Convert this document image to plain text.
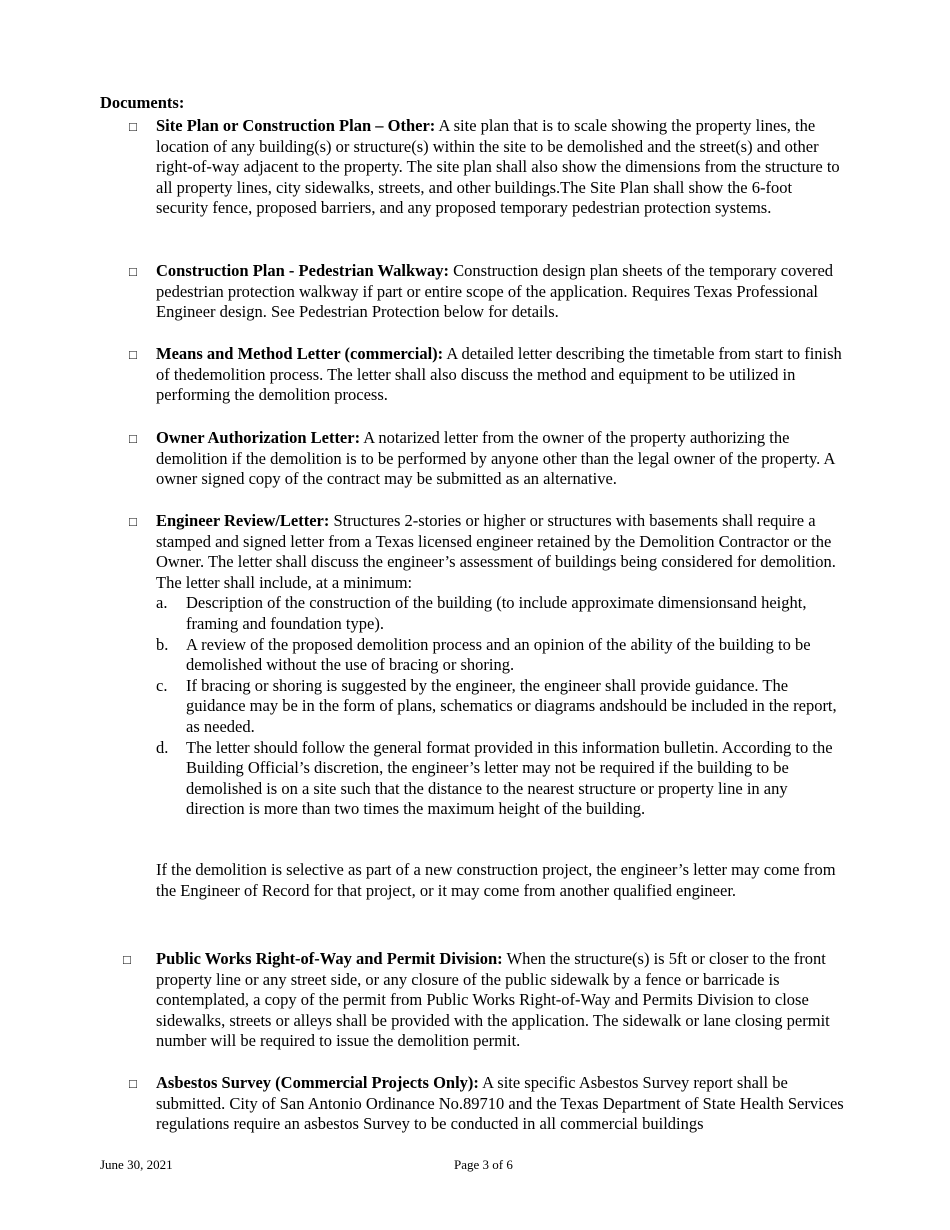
Documents:
□ Site Plan or Construction Plan – Other: A site plan that is to scale showing the property lines, the location of any building(s) or structure(s) within the site to be demolished and the street(s) and other right-of-way adjacent to the property. The site plan shall also show the dimensions from the structure to all property lines, city sidewalks, streets, and other buildings.The Site Plan shall show the 6-foot security fence, proposed barriers, and any proposed temporary pedestrian protection systems.
□ Construction Plan - Pedestrian Walkway: Construction design plan sheets of the temporary covered pedestrian protection walkway if part or entire scope of the application. Requires Texas Professional Engineer design. See Pedestrian Protection below for details.
□ Means and Method Letter (commercial): A detailed letter describing the timetable from start to finish of thedemolition process. The letter shall also discuss the method and equipment to be utilized in performing the demolition process.
□ Owner Authorization Letter: A notarized letter from the owner of the property authorizing the demolition if the demolition is to be performed by anyone other than the legal owner of the property. A owner signed copy of the contract may be submitted as an alternative.
□ Engineer Review/Letter: Structures 2-stories or higher or structures with basements shall require a stamped and signed letter from a Texas licensed engineer retained by the Demolition Contractor or the Owner. The letter shall discuss the engineer’s assessment of buildings being considered for demolition. The letter shall include, at a minimum:
a. Description of the construction of the building (to include approximate dimensionsand height, framing and foundation type).
b. A review of the proposed demolition process and an opinion of the ability of the building to be demolished without the use of bracing or shoring.
c. If bracing or shoring is suggested by the engineer, the engineer shall provide guidance. The guidance may be in the form of plans, schematics or diagrams andshould be included in the report, as needed.
d. The letter should follow the general format provided in this information bulletin. According to the Building Official’s discretion, the engineer’s letter may not be required if the building to be demolished is on a site such that the distance to the nearest structure or property line in any direction is more than two times the maximum height of the building.
If the demolition is selective as part of a new construction project, the engineer’s letter may come from the Engineer of Record for that project, or it may come from another qualified engineer.
□ Public Works Right-of-Way and Permit Division: When the structure(s) is 5ft or closer to the front property line or any street side, or any closure of the public sidewalk by a fence or barricade is contemplated, a copy of the permit from Public Works Right-of-Way and Permits Division to close sidewalks, streets or alleys shall be provided with the application. The sidewalk or lane closing permit number will be required to issue the demolition permit.
□ Asbestos Survey (Commercial Projects Only): A site specific Asbestos Survey report shall be submitted. City of San Antonio Ordinance No.89710 and the Texas Department of State Health Services regulations require an asbestos Survey to be conducted in all commercial buildings
June 30, 2021	Page 3 of 6
